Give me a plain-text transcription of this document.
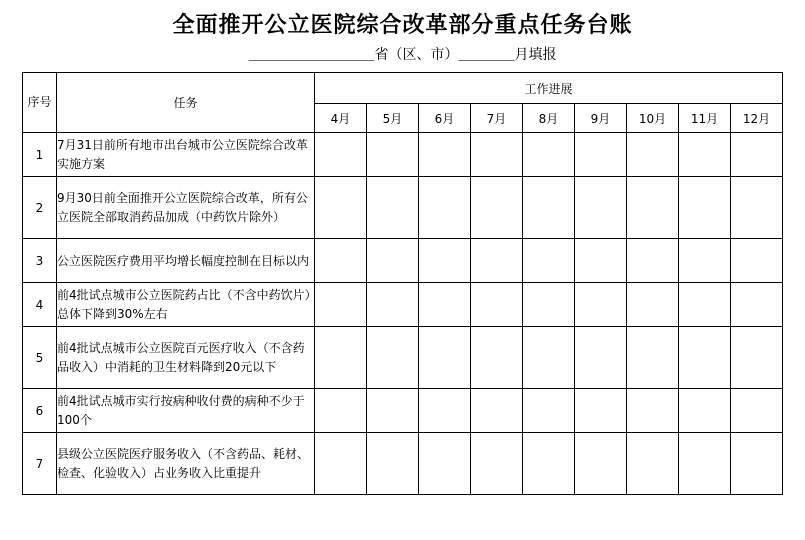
全面推开公立医院综合改革部分重点任务台账
＿＿＿＿＿＿＿＿＿省（区、市）＿＿＿＿月填报
序号	任务	工作进展								
		4月	5月	6月	7月	8月	9月	10月	11月	12月
1	7月31日前所有地市出台城市公立医院综合改革实施方案									
2	9月30日前全面推开公立医院综合改革，所有公立医院全部取消药品加成（中药饮片除外）									
3	公立医院医疗费用平均增长幅度控制在目标以内									
4	前4批试点城市公立医院药占比（不含中药饮片）总体下降到30%左右									
5	前4批试点城市公立医院百元医疗收入（不含药品收入）中消耗的卫生材料降到20元以下									
6	前4批试点城市实行按病种收付费的病种不少于100个									
7	县级公立医院医疗服务收入（不含药品、耗材、检查、化验收入）占业务收入比重提升									
